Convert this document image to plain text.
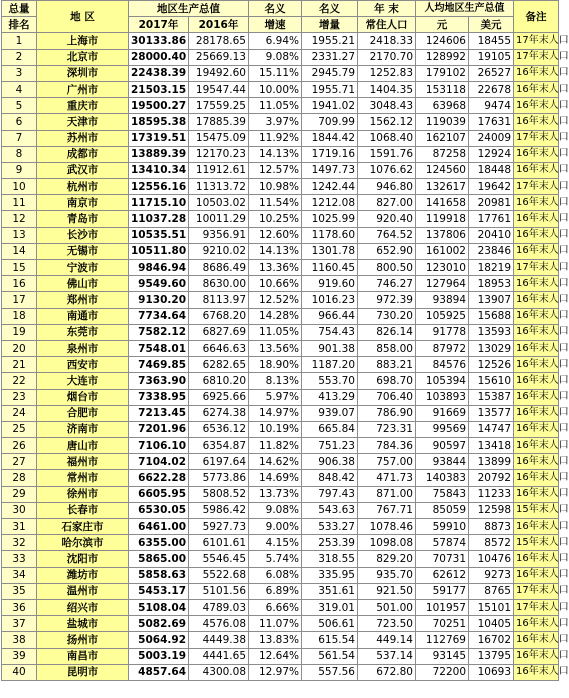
总量	地 区	地区生产总值		名义	名义	年 末	人均地区生产总值		备注
排名		2017年	2016年	增速	增量	常住人口	元	美元	
1	上海市	30133.86	28178.65	6.94%	1955.21	2418.33	124606	18455	17年末人口
2	北京市	28000.40	25669.13	9.08%	2331.27	2170.70	128992	19105	17年末人口
3	深圳市	22438.39	19492.60	15.11%	2945.79	1252.83	179102	26527	16年末人口
4	广州市	21503.15	19547.44	10.00%	1955.71	1404.35	153118	22678	16年末人口
5	重庆市	19500.27	17559.25	11.05%	1941.02	3048.43	63968	9474	16年末人口
6	天津市	18595.38	17885.39	3.97%	709.99	1562.12	119039	17631	16年末人口
7	苏州市	17319.51	15475.09	11.92%	1844.42	1068.40	162107	24009	17年末人口
8	成都市	13889.39	12170.23	14.13%	1719.16	1591.76	87258	12924	16年末人口
9	武汉市	13410.34	11912.61	12.57%	1497.73	1076.62	124560	18448	16年末人口
10	杭州市	12556.16	11313.72	10.98%	1242.44	946.80	132617	19642	17年末人口
11	南京市	11715.10	10503.02	11.54%	1212.08	827.00	141658	20981	16年末人口
12	青岛市	11037.28	10011.29	10.25%	1025.99	920.40	119918	17761	16年末人口
13	长沙市	10535.51	9356.91	12.60%	1178.60	764.52	137806	20410	16年末人口
14	无锡市	10511.80	9210.02	14.13%	1301.78	652.90	161002	23846	16年末人口
15	宁波市	9846.94	8686.49	13.36%	1160.45	800.50	123010	18219	17年末人口
16	佛山市	9549.60	8630.00	10.66%	919.60	746.27	127964	18953	16年末人口
17	郑州市	9130.20	8113.97	12.52%	1016.23	972.39	93894	13907	16年末人口
18	南通市	7734.64	6768.20	14.28%	966.44	730.20	105925	15688	16年末人口
19	东莞市	7582.12	6827.69	11.05%	754.43	826.14	91778	13593	16年末人口
20	泉州市	7548.01	6646.63	13.56%	901.38	858.00	87972	13029	16年末人口
21	西安市	7469.85	6282.65	18.90%	1187.20	883.21	84576	12526	16年末人口
22	大连市	7363.90	6810.20	8.13%	553.70	698.70	105394	15610	16年末人口
23	烟台市	7338.95	6925.66	5.97%	413.29	706.40	103893	15387	16年末人口
24	合肥市	7213.45	6274.38	14.97%	939.07	786.90	91669	13577	16年末人口
25	济南市	7201.96	6536.12	10.19%	665.84	723.31	99569	14747	16年末人口
26	唐山市	7106.10	6354.87	11.82%	751.23	784.36	90597	13418	16年末人口
27	福州市	7104.02	6197.64	14.62%	906.38	757.00	93844	13899	16年末人口
28	常州市	6622.28	5773.86	14.69%	848.42	471.73	140383	20792	16年末人口
29	徐州市	6605.95	5808.52	13.73%	797.43	871.00	75843	11233	16年末人口
30	长春市	6530.05	5986.42	9.08%	543.63	767.71	85059	12598	15年末人口
31	石家庄市	6461.00	5927.73	9.00%	533.27	1078.46	59910	8873	16年末人口
32	哈尔滨市	6355.00	6101.61	4.15%	253.39	1098.08	57874	8572	15年末人口
33	沈阳市	5865.00	5546.45	5.74%	318.55	829.20	70731	10476	16年末人口
34	潍坊市	5858.63	5522.68	6.08%	335.95	935.70	62612	9273	16年末人口
35	温州市	5453.17	5101.56	6.89%	351.61	921.50	59177	8765	17年末人口
36	绍兴市	5108.04	4789.03	6.66%	319.01	501.00	101957	15101	17年末人口
37	盐城市	5082.69	4576.08	11.07%	506.61	723.50	70251	10405	16年末人口
38	扬州市	5064.92	4449.38	13.83%	615.54	449.14	112769	16702	16年末人口
39	南昌市	5003.19	4441.65	12.64%	561.54	537.14	93145	13795	16年末人口
40	昆明市	4857.64	4300.08	12.97%	557.56	672.80	72200	10693	16年末人口
